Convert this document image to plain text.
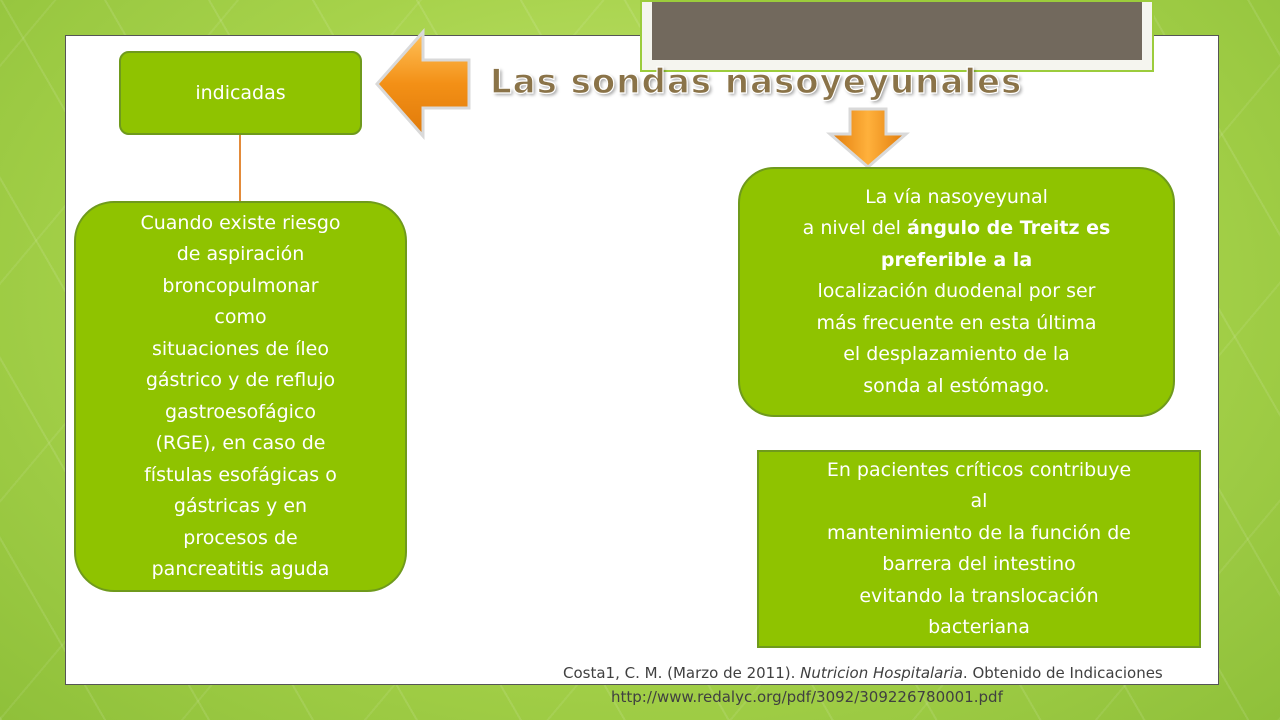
Las sondas nasoyeyunales
indicadas
Cuando existe riesgo
de aspiración
broncopulmonar
como
situaciones de íleo
gástrico y de reflujo
gastroesofágico
(RGE), en caso de
fístulas esofágicas o
gástricas y en
procesos de
pancreatitis aguda
La vía nasoyeyunal
a nivel del ángulo de Treitz es
preferible a la
localización duodenal por ser
más frecuente en esta última
el desplazamiento de la
sonda al estómago.
En pacientes críticos contribuye
al
mantenimiento de la función de
barrera del intestino
evitando la translocación
bacteriana
Costa1, C. M. (Marzo de 2011). Nutricion Hospitalaria. Obtenido de Indicaciones
http://www.redalyc.org/pdf/3092/309226780001.pdf
